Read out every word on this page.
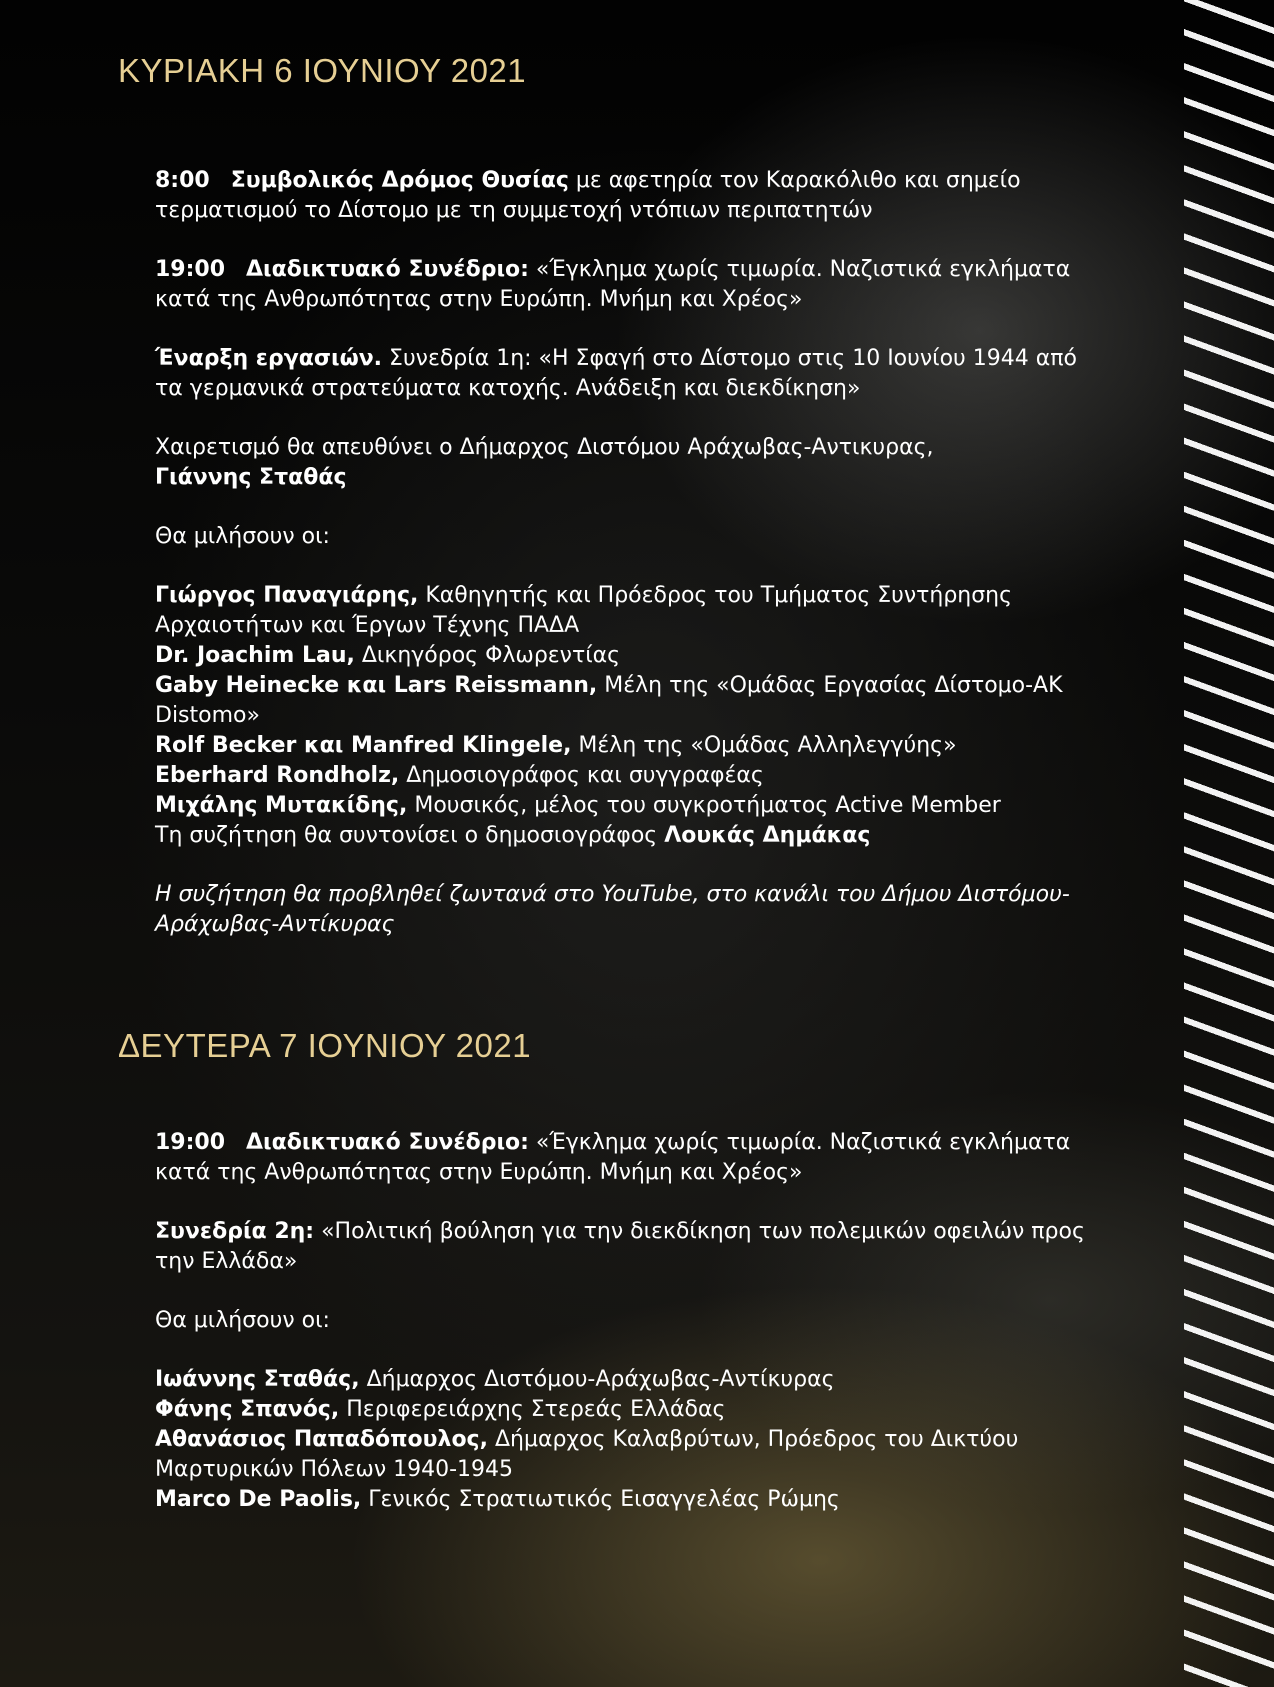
ΚΥΡΙΑΚΗ 6 ΙΟΥΝΙΟΥ 2021

8:00 Συμβολικός Δρόμος Θυσίας με αφετηρία τον Καρακόλιθο και σημείο τερματισμού το Δίστομο με τη συμμετοχή ντόπιων περιπατητών

19:00 Διαδικτυακό Συνέδριο: «Έγκλημα χωρίς τιμωρία. Ναζιστικά εγκλήματα κατά της Ανθρωπότητας στην Ευρώπη. Μνήμη και Χρέος»

Έναρξη εργασιών. Συνεδρία 1η: «Η Σφαγή στο Δίστομο στις 10 Ιουνίου 1944 από τα γερμανικά στρατεύματα κατοχής. Ανάδειξη και διεκδίκηση»

Χαιρετισμό θα απευθύνει ο Δήμαρχος Διστόμου Αράχωβας-Αντικυρας,
Γιάννης Σταθάς

Θα μιλήσουν οι:

Γιώργος Παναγιάρης, Καθηγητής και Πρόεδρος του Τμήματος Συντήρησης Αρχαιοτήτων και Έργων Τέχνης ΠΑΔΑ
Dr. Joachim Lau, Δικηγόρος Φλωρεντίας
Gaby Heinecke και Lars Reissmann, Μέλη της «Ομάδας Εργασίας Δίστομο-AK Distomo»
Rolf Becker και Manfred Klingele, Μέλη της «Ομάδας Αλληλεγγύης»
Eberhard Rondholz, Δημοσιογράφος και συγγραφέας
Μιχάλης Μυτακίδης, Μουσικός, μέλος του συγκροτήματος Active Member
Τη συζήτηση θα συντονίσει ο δημοσιογράφος Λουκάς Δημάκας

Η συζήτηση θα προβληθεί ζωντανά στο YouTube, στο κανάλι του Δήμου Διστόμου-Αράχωβας-Αντίκυρας

ΔΕΥΤΕΡΑ 7 ΙΟΥΝΙΟΥ 2021

19:00 Διαδικτυακό Συνέδριο: «Έγκλημα χωρίς τιμωρία. Ναζιστικά εγκλήματα κατά της Ανθρωπότητας στην Ευρώπη. Μνήμη και Χρέος»

Συνεδρία 2η: «Πολιτική βούληση για την διεκδίκηση των πολεμικών οφειλών προς την Ελλάδα»

Θα μιλήσουν οι:

Ιωάννης Σταθάς, Δήμαρχος Διστόμου-Αράχωβας-Αντίκυρας
Φάνης Σπανός, Περιφερειάρχης Στερεάς Ελλάδας
Αθανάσιος Παπαδόπουλος, Δήμαρχος Καλαβρύτων, Πρόεδρος του Δικτύου Μαρτυρικών Πόλεων 1940-1945
Marco De Paolis, Γενικός Στρατιωτικός Εισαγγελέας Ρώμης
